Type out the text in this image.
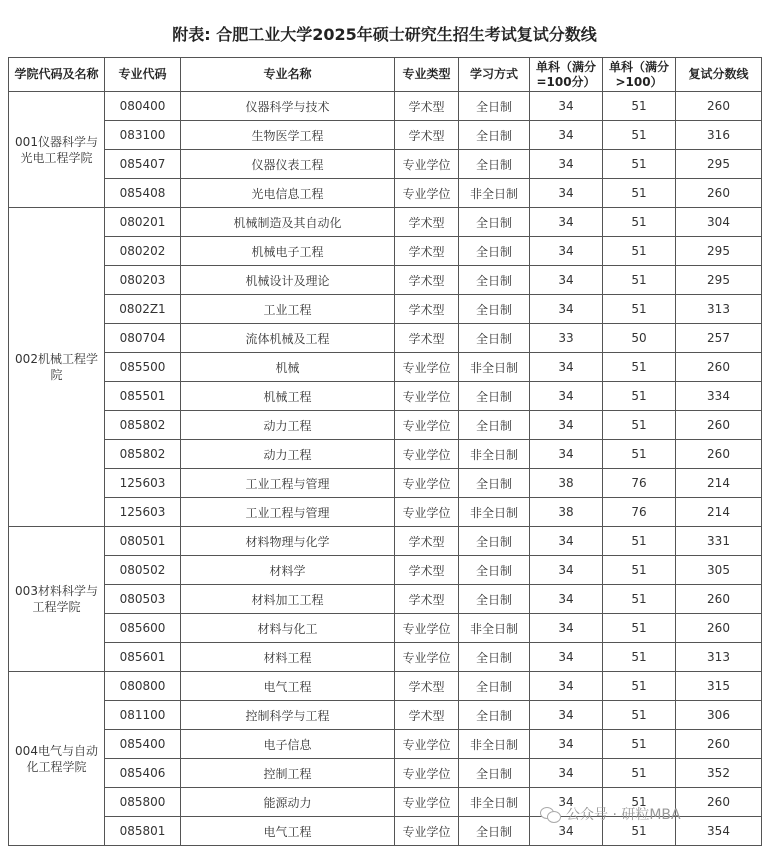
附表: 合肥工业大学2025年硕士研究生招生考试复试分数线
学院代码及名称	专业代码	专业名称	专业类型	学习方式	单科（满分=100分）	单科（满分>100）	复试分数线
001仪器科学与光电工程学院	080400	仪器科学与技术	学术型	全日制	34	51	260
	083100	生物医学工程	学术型	全日制	34	51	316
	085407	仪器仪表工程	专业学位	全日制	34	51	295
	085408	光电信息工程	专业学位	非全日制	34	51	260
002机械工程学院	080201	机械制造及其自动化	学术型	全日制	34	51	304
	080202	机械电子工程	学术型	全日制	34	51	295
	080203	机械设计及理论	学术型	全日制	34	51	295
	0802Z1	工业工程	学术型	全日制	34	51	313
	080704	流体机械及工程	学术型	全日制	33	50	257
	085500	机械	专业学位	非全日制	34	51	260
	085501	机械工程	专业学位	全日制	34	51	334
	085802	动力工程	专业学位	全日制	34	51	260
	085802	动力工程	专业学位	非全日制	34	51	260
	125603	工业工程与管理	专业学位	全日制	38	76	214
	125603	工业工程与管理	专业学位	非全日制	38	76	214
003材料科学与工程学院	080501	材料物理与化学	学术型	全日制	34	51	331
	080502	材料学	学术型	全日制	34	51	305
	080503	材料加工工程	学术型	全日制	34	51	260
	085600	材料与化工	专业学位	非全日制	34	51	260
	085601	材料工程	专业学位	全日制	34	51	313
004电气与自动化工程学院	080800	电气工程	学术型	全日制	34	51	315
	081100	控制科学与工程	学术型	全日制	34	51	306
	085400	电子信息	专业学位	非全日制	34	51	260
	085406	控制工程	专业学位	全日制	34	51	352
	085800	能源动力	专业学位	非全日制	34	51	260
	085801	电气工程	专业学位	全日制	34	51	354
公众号 · 研粒MBA
